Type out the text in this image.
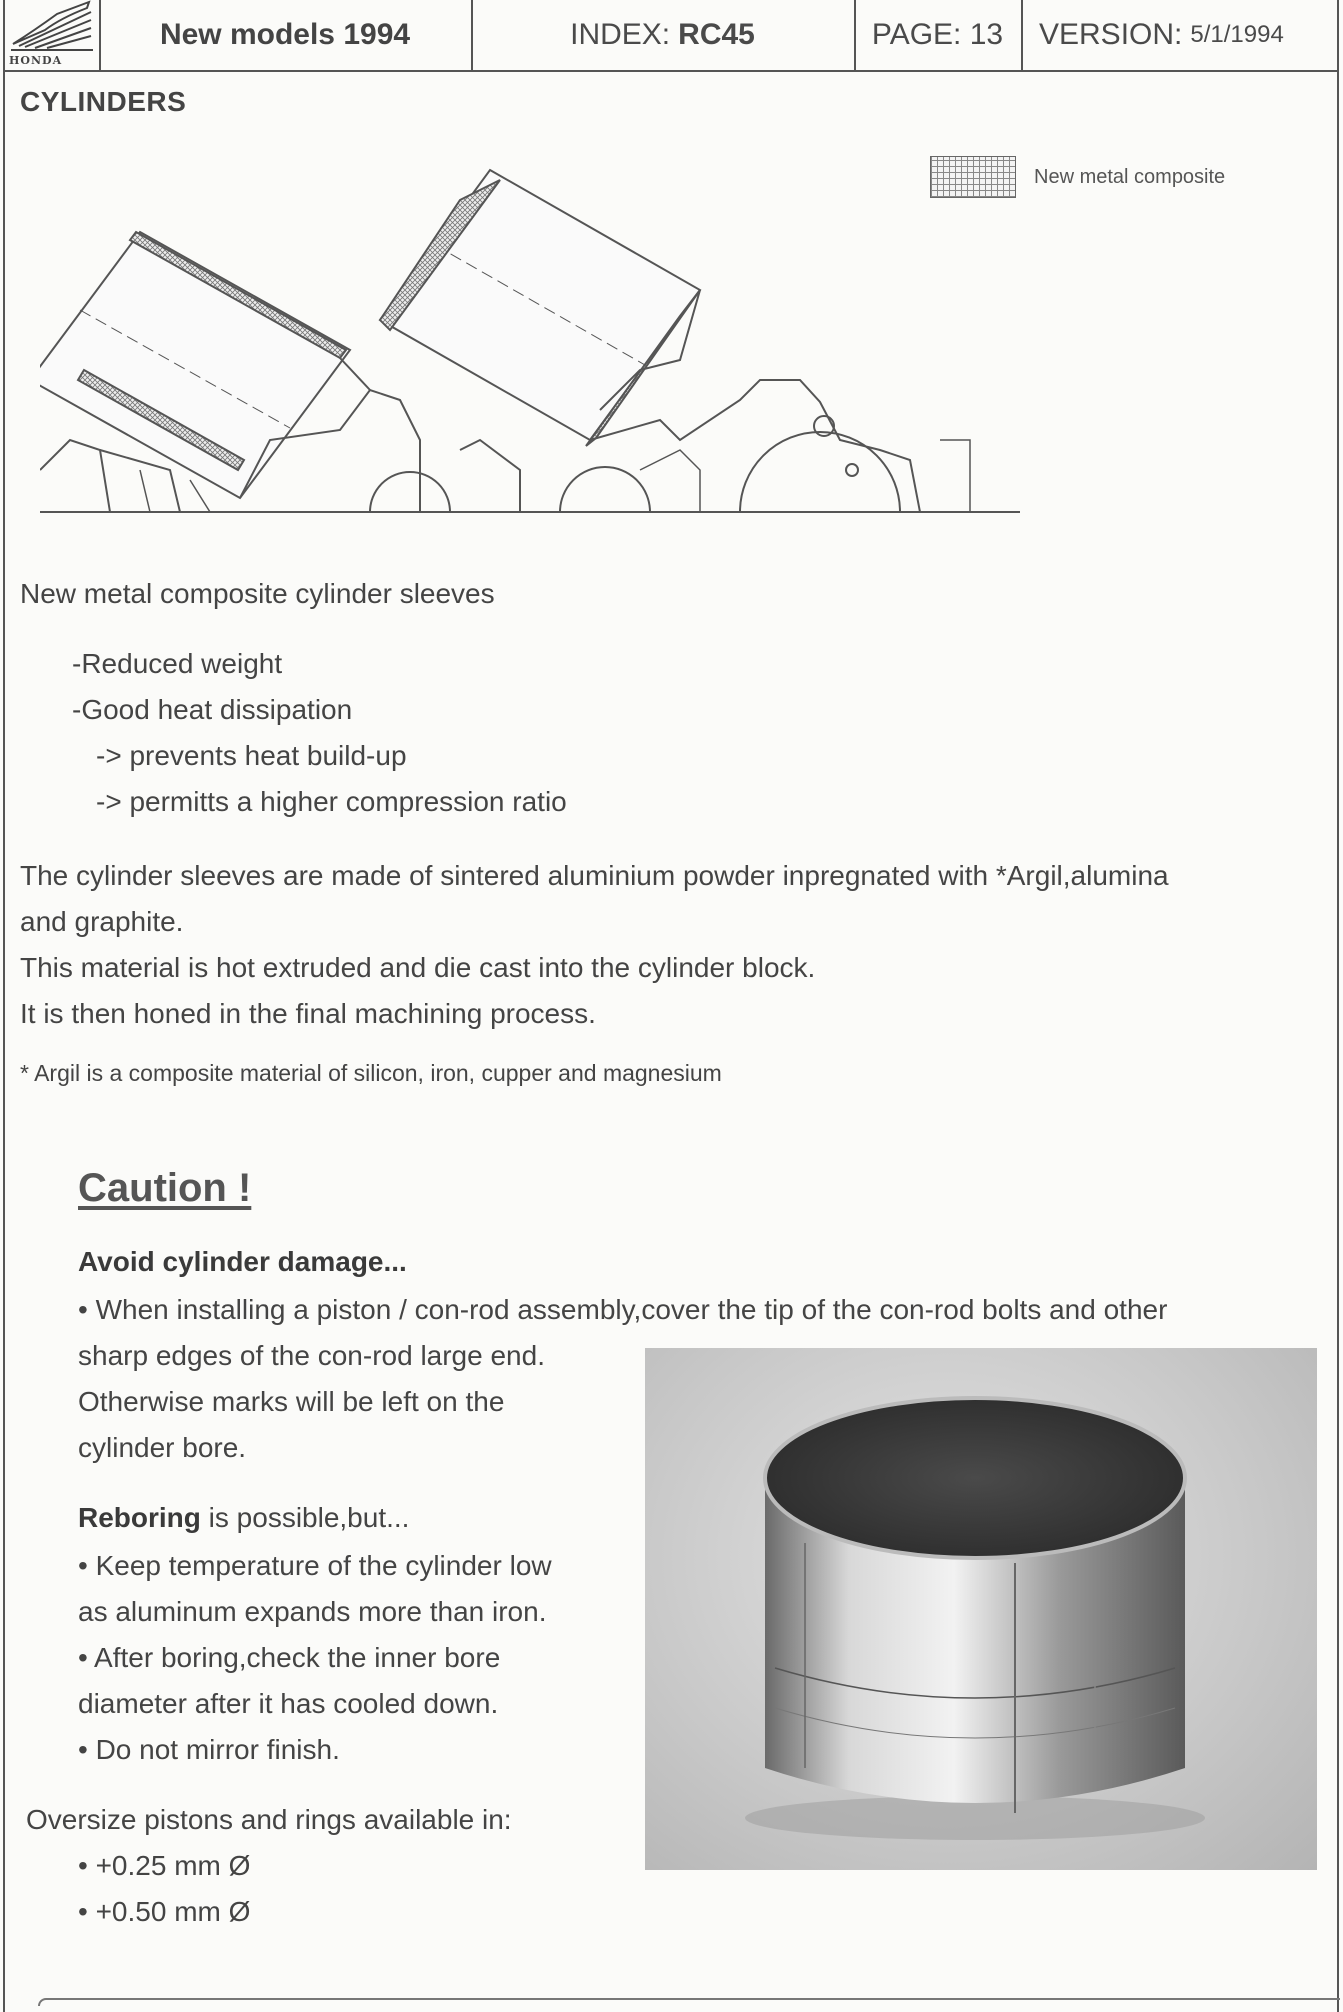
HONDA
New models 1994	INDEX: RC45	PAGE: 13	VERSION: 5/1/1994
CYLINDERS
New metal composite
New metal composite cylinder sleeves
-Reduced weight
-Good heat dissipation
-> prevents heat build-up
-> permitts a higher compression ratio
The cylinder sleeves are made of sintered aluminium powder inpregnated with *Argil,alumina
and graphite.
This material is hot extruded and die cast into the cylinder block.
It is then honed in the final machining process.
* Argil is a composite material of silicon, iron, cupper and magnesium
Caution !
Avoid cylinder damage...
• When installing a piston / con-rod assembly,cover the tip of the con-rod bolts and other
sharp edges of the con-rod large end.
Otherwise marks will be left on the
cylinder bore.
Reboring is possible,but...
• Keep temperature of the cylinder low
as aluminum expands more than iron.
• After boring,check the inner bore
diameter after it has cooled down.
• Do not mirror finish.
Oversize pistons and rings available in:
• +0.25 mm Ø
• +0.50 mm Ø
